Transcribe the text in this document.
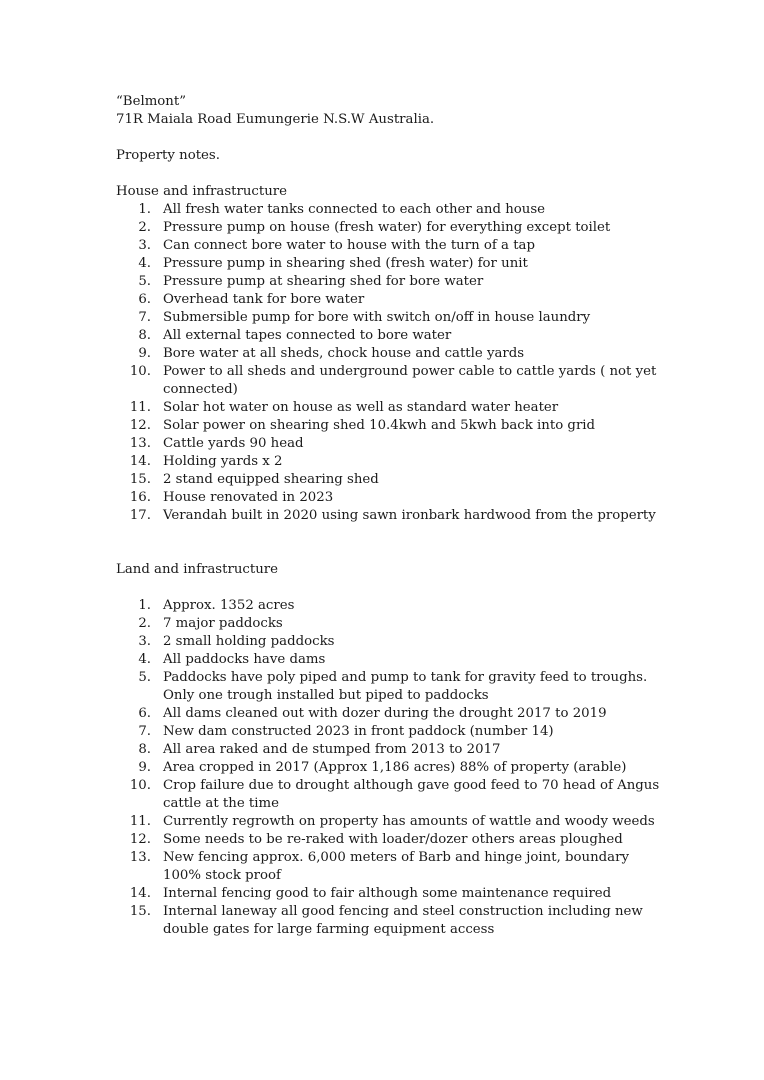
“Belmont”
71R Maiala Road Eumungerie N.S.W Australia.
Property notes.
House and infrastructure
1. All fresh water tanks connected to each other and house
2. Pressure pump on house (fresh water) for everything except toilet
3. Can connect bore water to house with the turn of a tap
4. Pressure pump in shearing shed (fresh water) for unit
5. Pressure pump at shearing shed for bore water
6. Overhead tank for bore water
7. Submersible pump for bore with switch on/off in house laundry
8. All external tapes connected to bore water
9. Bore water at all sheds, chock house and cattle yards
10. Power to all sheds and underground power cable to cattle yards ( not yet
connected)
11. Solar hot water on house as well as standard water heater
12. Solar power on shearing shed 10.4kwh and 5kwh back into grid
13. Cattle yards 90 head
14. Holding yards x 2
15. 2 stand equipped shearing shed
16. House renovated in 2023
17. Verandah built in 2020 using sawn ironbark hardwood from the property
Land and infrastructure
1. Approx. 1352 acres
2. 7 major paddocks
3. 2 small holding paddocks
4. All paddocks have dams
5. Paddocks have poly piped and pump to tank for gravity feed to troughs.
Only one trough installed but piped to paddocks
6. All dams cleaned out with dozer during the drought 2017 to 2019
7. New dam constructed 2023 in front paddock (number 14)
8. All area raked and de stumped from 2013 to 2017
9. Area cropped in 2017 (Approx 1,186 acres) 88% of property (arable)
10. Crop failure due to drought although gave good feed to 70 head of Angus
cattle at the time
11. Currently regrowth on property has amounts of wattle and woody weeds
12. Some needs to be re-raked with loader/dozer others areas ploughed
13. New fencing approx. 6,000 meters of Barb and hinge joint, boundary
100% stock proof
14. Internal fencing good to fair although some maintenance required
15. Internal laneway all good fencing and steel construction including new
double gates for large farming equipment access
